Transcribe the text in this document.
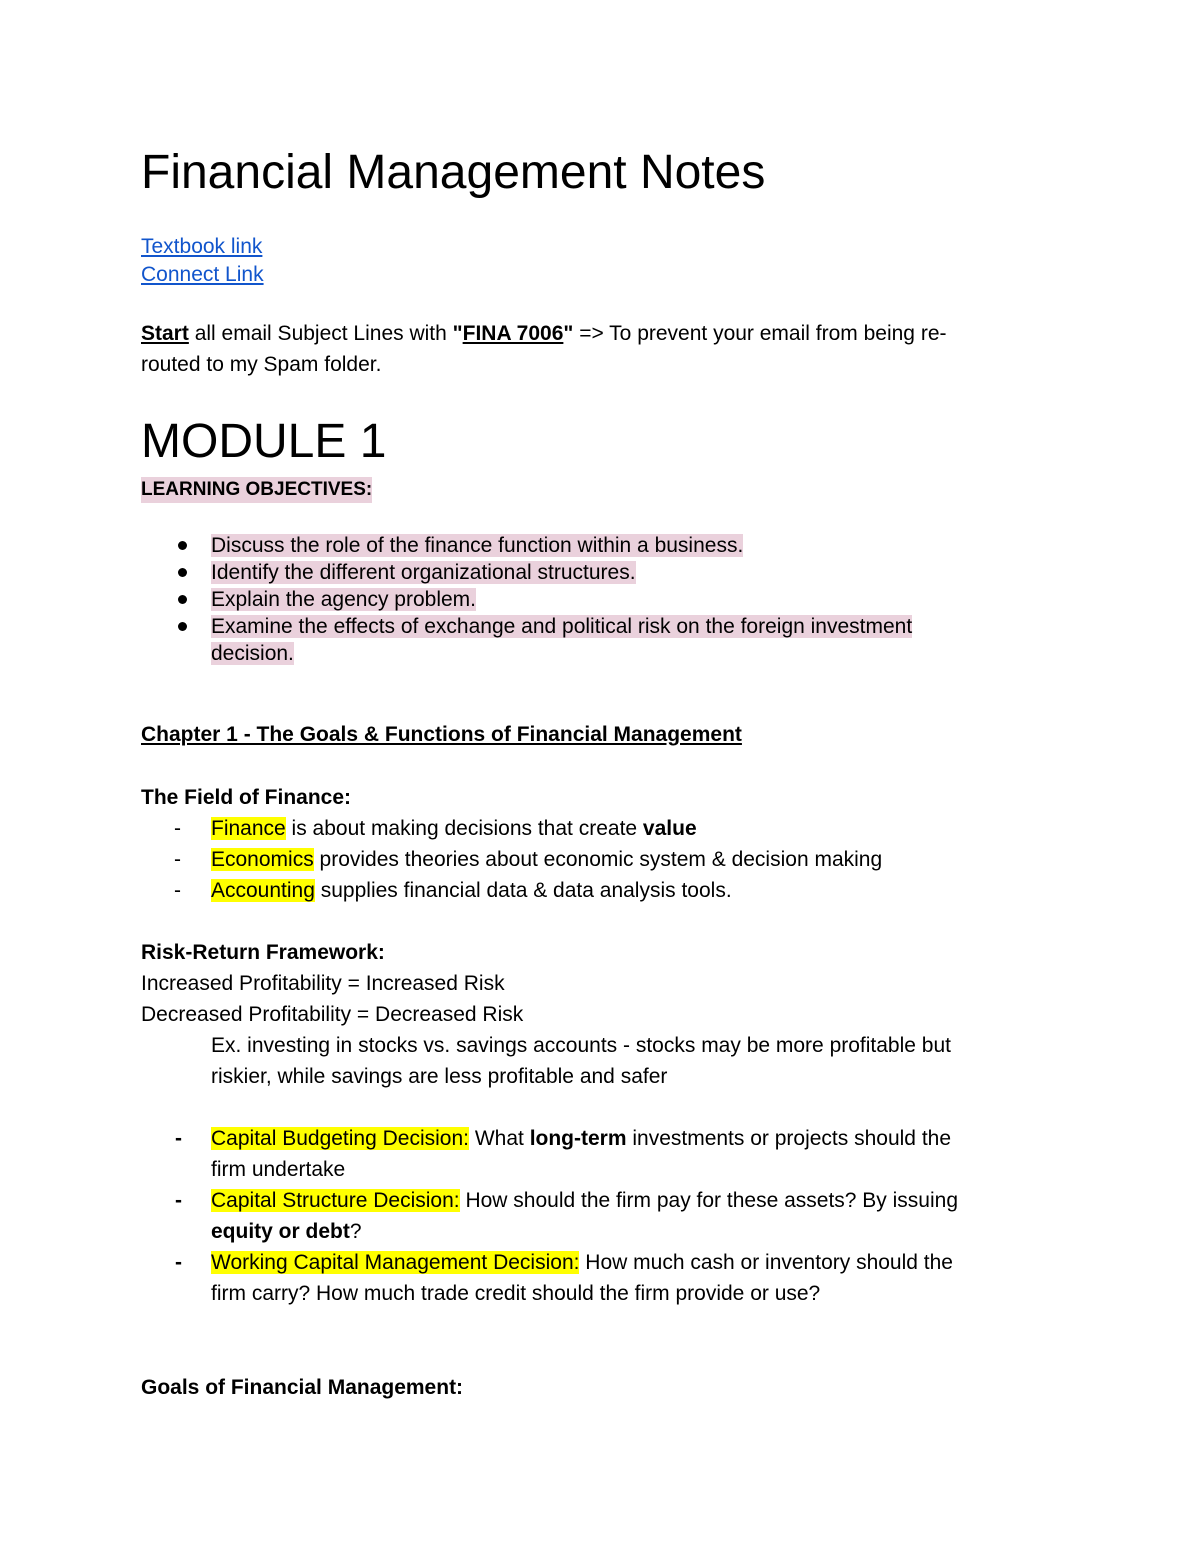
Financial Management Notes
Textbook link
Connect Link
Start all email Subject Lines with "FINA 7006" => To prevent your email from being re-
routed to my Spam folder.
MODULE 1
LEARNING OBJECTIVES:
Discuss the role of the finance function within a business.
Identify the different organizational structures.
Explain the agency problem.
Examine the effects of exchange and political risk on the foreign investment
decision.
Chapter 1 - The Goals & Functions of Financial Management
The Field of Finance:
- Finance is about making decisions that create value
- Economics provides theories about economic system & decision making
- Accounting supplies financial data & data analysis tools.
Risk-Return Framework:
Increased Profitability = Increased Risk
Decreased Profitability = Decreased Risk
Ex. investing in stocks vs. savings accounts - stocks may be more profitable but
riskier, while savings are less profitable and safer
- Capital Budgeting Decision: What long-term investments or projects should the
firm undertake
- Capital Structure Decision: How should the firm pay for these assets? By issuing
equity or debt?
- Working Capital Management Decision: How much cash or inventory should the
firm carry? How much trade credit should the firm provide or use?
Goals of Financial Management:
